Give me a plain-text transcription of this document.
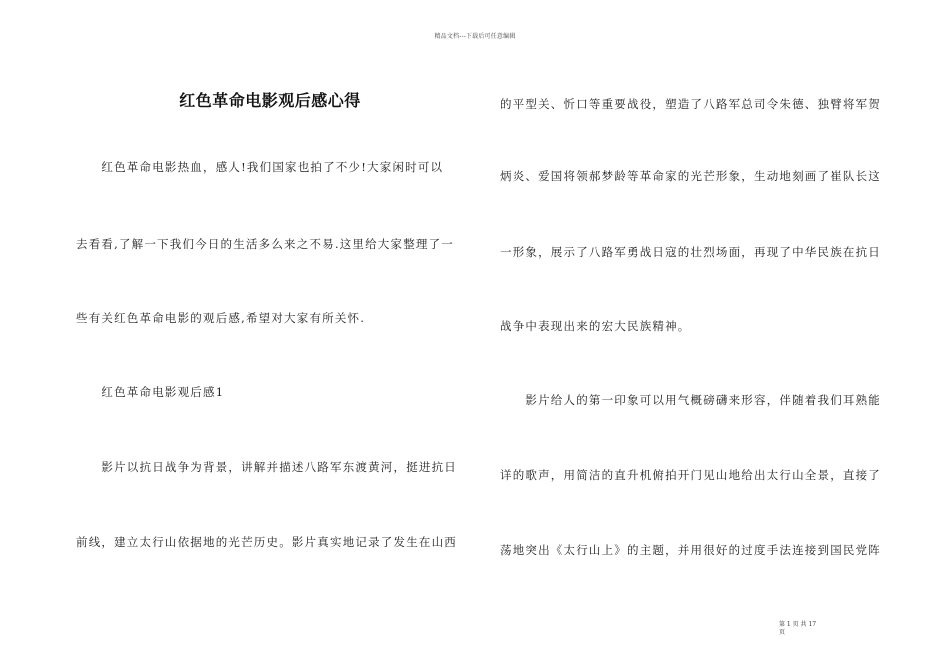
精品文档---下载后可任意编辑
红色革命电影观后感心得
　　红色革命电影热血，感人!我们国家也拍了不少!大家闲时可以
去看看,了解一下我们今日的生活多么来之不易.这里给大家整理了一
些有关红色革命电影的观后感,希望对大家有所关怀.
　　红色革命电影观后感1
　　影片以抗日战争为背景，讲解并描述八路军东渡黄河，挺进抗日
前线，建立太行山依据地的光芒历史。影片真实地记录了发生在山西
的平型关、忻口等重要战役，塑造了八路军总司令朱德、独臂将军贺
炳炎、爱国将领郝梦龄等革命家的光芒形象，生动地刻画了崔队长这
一形象，展示了八路军勇战日寇的壮烈场面，再现了中华民族在抗日
战争中表现出来的宏大民族精神。
　　影片给人的第一印象可以用气概磅礴来形容，伴随着我们耳熟能
详的歌声，用简洁的直升机俯拍开门见山地给出太行山全景，直接了
荡地突出《太行山上》的主题，并用很好的过度手法连接到国民党阵
第 1 页 共 17
页
